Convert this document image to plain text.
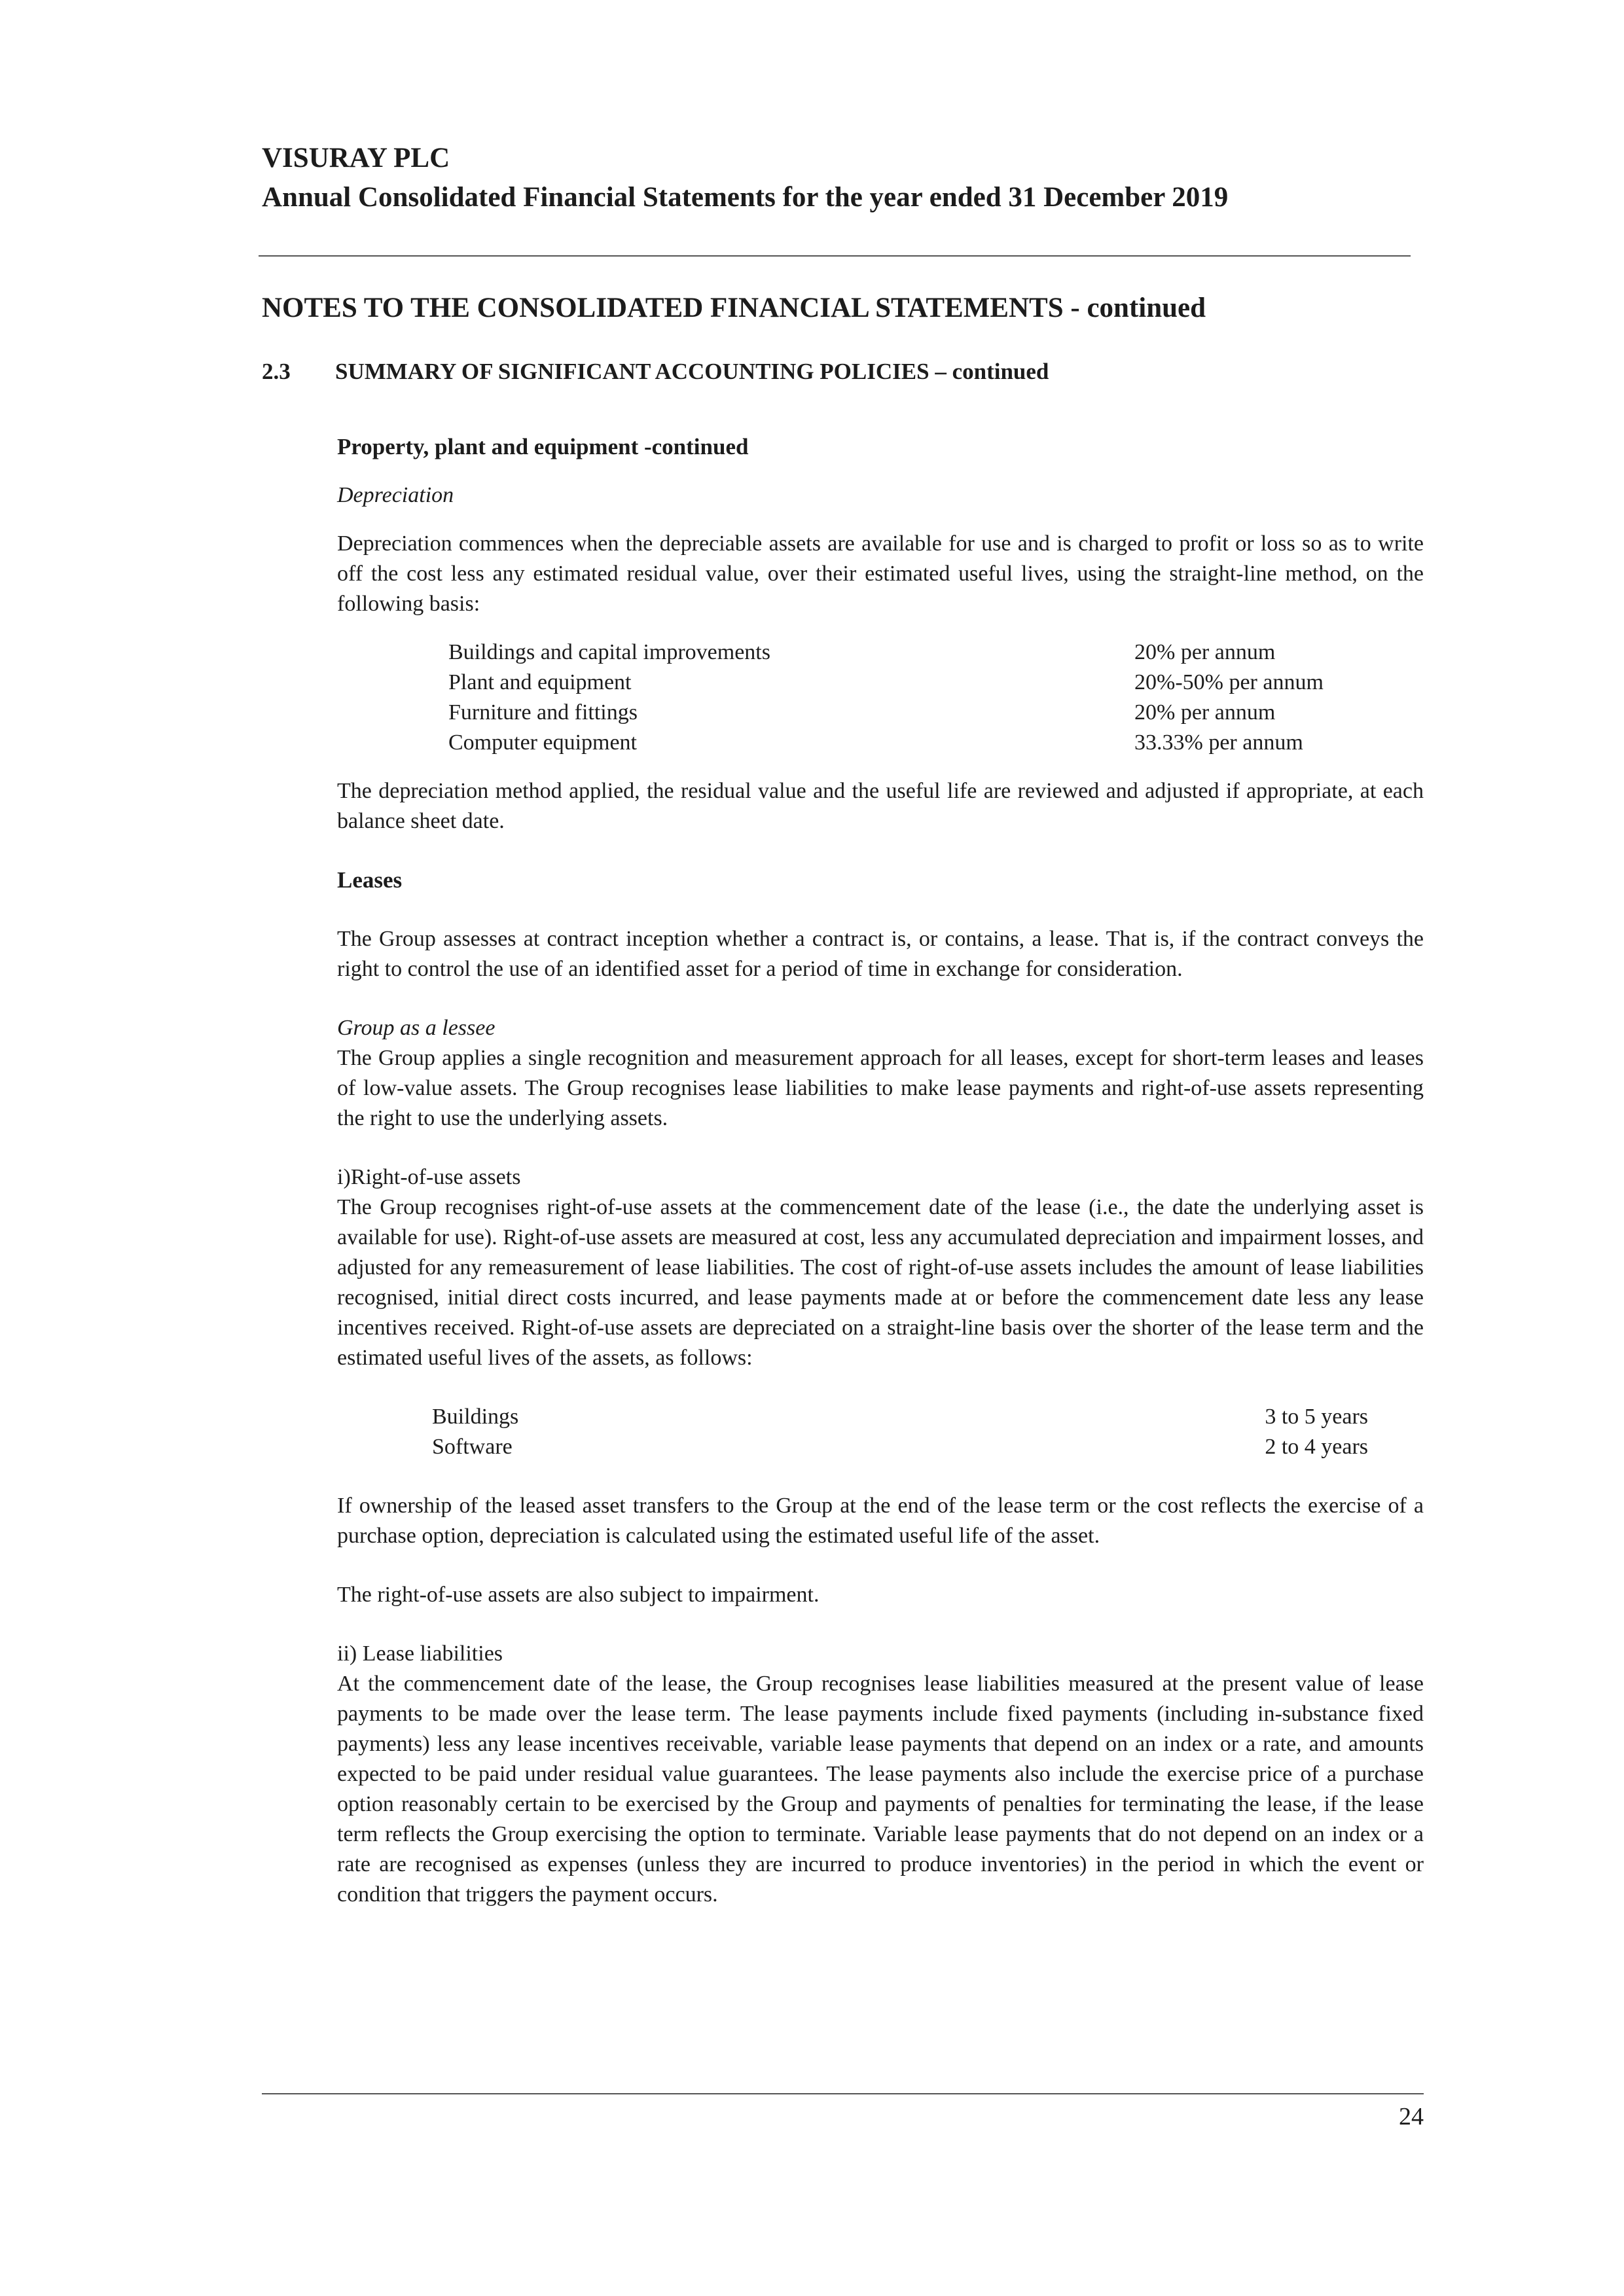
VISURAY PLC
Annual Consolidated Financial Statements for the year ended 31 December 2019
NOTES TO THE CONSOLIDATED FINANCIAL STATEMENTS - continued
2.3 SUMMARY OF SIGNIFICANT ACCOUNTING POLICIES – continued

Property, plant and equipment -continued

Depreciation

Depreciation commences when the depreciable assets are available for use and is charged to profit or loss so as to write off the cost less any estimated residual value, over their estimated useful lives, using the straight-line method, on the following basis:

Buildings and capital improvements	20% per annum
Plant and equipment	20%-50% per annum
Furniture and fittings	20% per annum
Computer equipment	33.33% per annum

The depreciation method applied, the residual value and the useful life are reviewed and adjusted if appropriate, at each balance sheet date.

Leases

The Group assesses at contract inception whether a contract is, or contains, a lease. That is, if the contract conveys the right to control the use of an identified asset for a period of time in exchange for consideration.

Group as a lessee

The Group applies a single recognition and measurement approach for all leases, except for short-term leases and leases of low-value assets. The Group recognises lease liabilities to make lease payments and right-of-use assets representing the right to use the underlying assets.

i)Right-of-use assets

The Group recognises right-of-use assets at the commencement date of the lease (i.e., the date the underlying asset is available for use). Right-of-use assets are measured at cost, less any accumulated depreciation and impairment losses, and adjusted for any remeasurement of lease liabilities. The cost of right-of-use assets includes the amount of lease liabilities recognised, initial direct costs incurred, and lease payments made at or before the commencement date less any lease incentives received. Right-of-use assets are depreciated on a straight-line basis over the shorter of the lease term and the estimated useful lives of the assets, as follows:

Buildings	3 to 5 years
Software	2 to 4 years

If ownership of the leased asset transfers to the Group at the end of the lease term or the cost reflects the exercise of a purchase option, depreciation is calculated using the estimated useful life of the asset.

The right-of-use assets are also subject to impairment.

ii) Lease liabilities

At the commencement date of the lease, the Group recognises lease liabilities measured at the present value of lease payments to be made over the lease term. The lease payments include fixed payments (including in-substance fixed payments) less any lease incentives receivable, variable lease payments that depend on an index or a rate, and amounts expected to be paid under residual value guarantees. The lease payments also include the exercise price of a purchase option reasonably certain to be exercised by the Group and payments of penalties for terminating the lease, if the lease term reflects the Group exercising the option to terminate. Variable lease payments that do not depend on an index or a rate are recognised as expenses (unless they are incurred to produce inventories) in the period in which the event or condition that triggers the payment occurs.

24
